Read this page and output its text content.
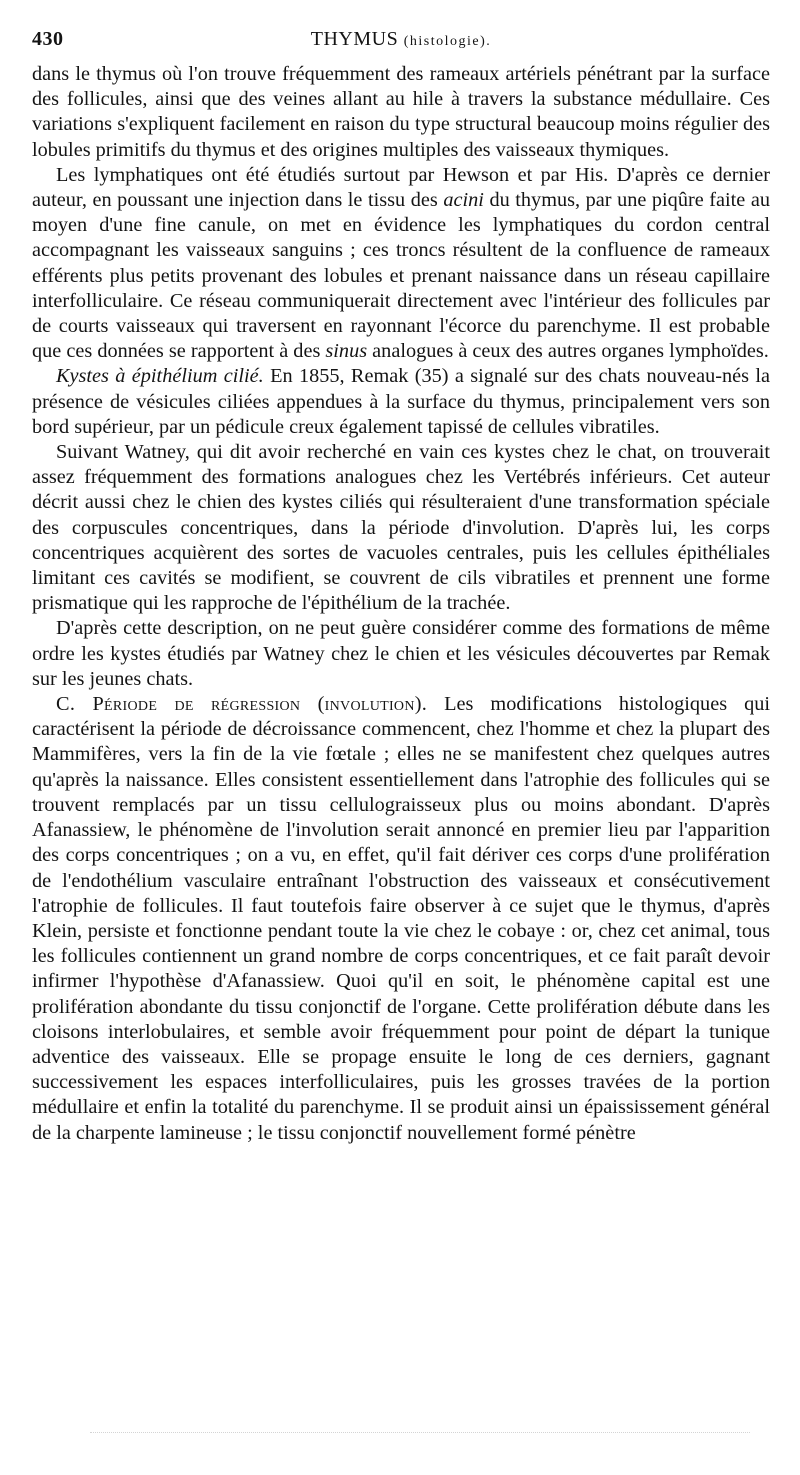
430	THYMUS (histologie).

dans le thymus où l'on trouve fréquemment des rameaux artériels pénétrant par la surface des follicules, ainsi que des veines allant au hile à travers la substance médullaire. Ces variations s'expliquent facilement en raison du type structural beaucoup moins régulier des lobules primitifs du thymus et des origines multiples des vaisseaux thymiques.

Les lymphatiques ont été étudiés surtout par Hewson et par His. D'après ce dernier auteur, en poussant une injection dans le tissu des acini du thymus, par une piqûre faite au moyen d'une fine canule, on met en évidence les lymphatiques du cordon central accompagnant les vaisseaux sanguins ; ces troncs résultent de la confluence de rameaux efférents plus petits provenant des lobules et prenant naissance dans un réseau capillaire interfolliculaire. Ce réseau communiquerait directement avec l'intérieur des follicules par de courts vaisseaux qui traversent en rayonnant l'écorce du parenchyme. Il est probable que ces données se rapportent à des sinus analogues à ceux des autres organes lymphoïdes.

Kystes à épithélium cilié. En 1855, Remak (35) a signalé sur des chats nouveau-nés la présence de vésicules ciliées appendues à la surface du thymus, principalement vers son bord supérieur, par un pédicule creux également tapissé de cellules vibratiles.

Suivant Watney, qui dit avoir recherché en vain ces kystes chez le chat, on trouverait assez fréquemment des formations analogues chez les Vertébrés inférieurs. Cet auteur décrit aussi chez le chien des kystes ciliés qui résulteraient d'une transformation spéciale des corpuscules concentriques, dans la période d'involution. D'après lui, les corps concentriques acquièrent des sortes de vacuoles centrales, puis les cellules épithéliales limitant ces cavités se modifient, se couvrent de cils vibratiles et prennent une forme prismatique qui les rapproche de l'épithélium de la trachée.

D'après cette description, on ne peut guère considérer comme des formations de même ordre les kystes étudiés par Watney chez le chien et les vésicules découvertes par Remak sur les jeunes chats.

C. Période de régression (involution). Les modifications histologiques qui caractérisent la période de décroissance commencent, chez l'homme et chez la plupart des Mammifères, vers la fin de la vie fœtale ; elles ne se manifestent chez quelques autres qu'après la naissance. Elles consistent essentiellement dans l'atrophie des follicules qui se trouvent remplacés par un tissu cellulograisseux plus ou moins abondant. D'après Afanassiew, le phénomène de l'involution serait annoncé en premier lieu par l'apparition des corps concentriques ; on a vu, en effet, qu'il fait dériver ces corps d'une prolifération de l'endothélium vasculaire entraînant l'obstruction des vaisseaux et consécutivement l'atrophie de follicules. Il faut toutefois faire observer à ce sujet que le thymus, d'après Klein, persiste et fonctionne pendant toute la vie chez le cobaye : or, chez cet animal, tous les follicules contiennent un grand nombre de corps concentriques, et ce fait paraît devoir infirmer l'hypothèse d'Afanassiew. Quoi qu'il en soit, le phénomène capital est une prolifération abondante du tissu conjonctif de l'organe. Cette prolifération débute dans les cloisons interlobulaires, et semble avoir fréquemment pour point de départ la tunique adventice des vaisseaux. Elle se propage ensuite le long de ces derniers, gagnant successivement les espaces interfolliculaires, puis les grosses travées de la portion médullaire et enfin la totalité du parenchyme. Il se produit ainsi un épaississement général de la charpente lamineuse ; le tissu conjonctif nouvellement formé pénètre
